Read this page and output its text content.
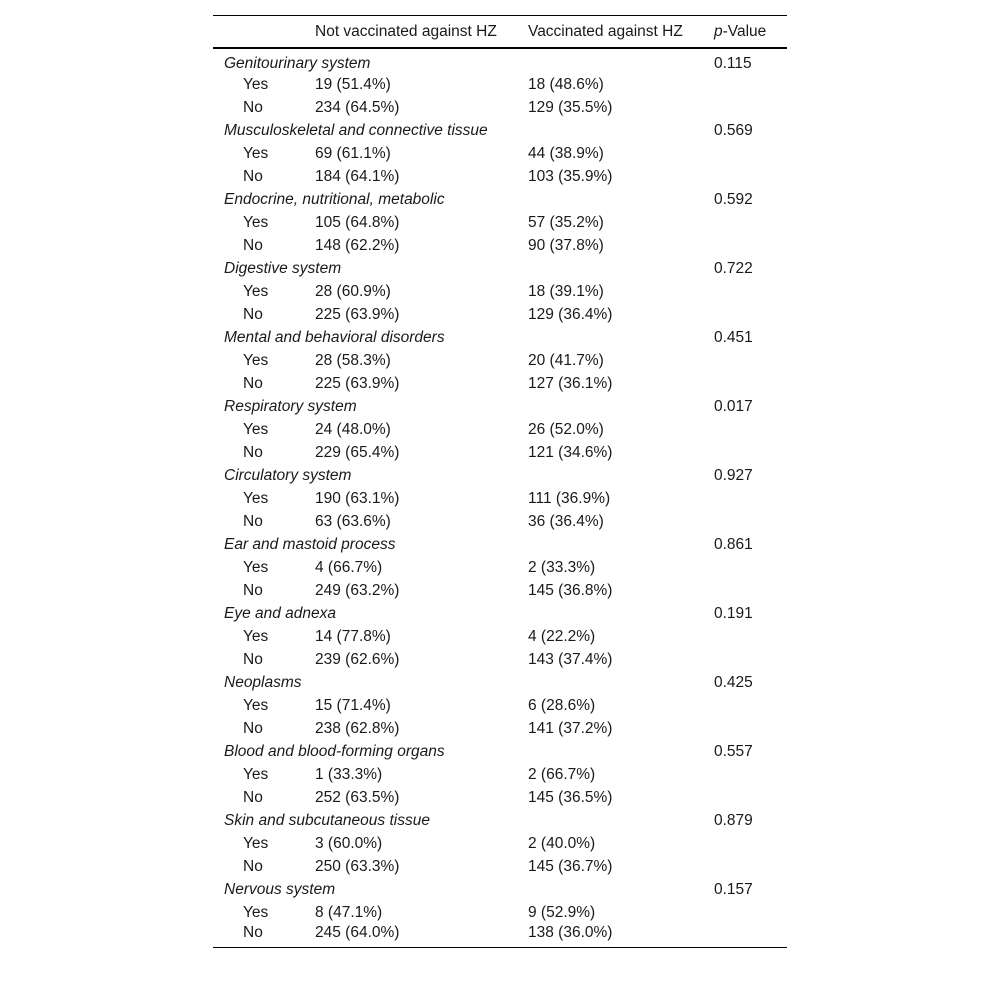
	Not vaccinated against HZ	Vaccinated against HZ	p-Value
Genitourinary system			0.115
Yes	19 (51.4%)	18 (48.6%)	
No	234 (64.5%)	129 (35.5%)	
Musculoskeletal and connective tissue			0.569
Yes	69 (61.1%)	44 (38.9%)	
No	184 (64.1%)	103 (35.9%)	
Endocrine, nutritional, metabolic			0.592
Yes	105 (64.8%)	57 (35.2%)	
No	148 (62.2%)	90 (37.8%)	
Digestive system			0.722
Yes	28 (60.9%)	18 (39.1%)	
No	225 (63.9%)	129 (36.4%)	
Mental and behavioral disorders			0.451
Yes	28 (58.3%)	20 (41.7%)	
No	225 (63.9%)	127 (36.1%)	
Respiratory system			0.017
Yes	24 (48.0%)	26 (52.0%)	
No	229 (65.4%)	121 (34.6%)	
Circulatory system			0.927
Yes	190 (63.1%)	111 (36.9%)	
No	63 (63.6%)	36 (36.4%)	
Ear and mastoid process			0.861
Yes	4 (66.7%)	2 (33.3%)	
No	249 (63.2%)	145 (36.8%)	
Eye and adnexa			0.191
Yes	14 (77.8%)	4 (22.2%)	
No	239 (62.6%)	143 (37.4%)	
Neoplasms			0.425
Yes	15 (71.4%)	6 (28.6%)	
No	238 (62.8%)	141 (37.2%)	
Blood and blood-forming organs			0.557
Yes	1 (33.3%)	2 (66.7%)	
No	252 (63.5%)	145 (36.5%)	
Skin and subcutaneous tissue			0.879
Yes	3 (60.0%)	2 (40.0%)	
No	250 (63.3%)	145 (36.7%)	
Nervous system			0.157
Yes	8 (47.1%)	9 (52.9%)	
No	245 (64.0%)	138 (36.0%)	
